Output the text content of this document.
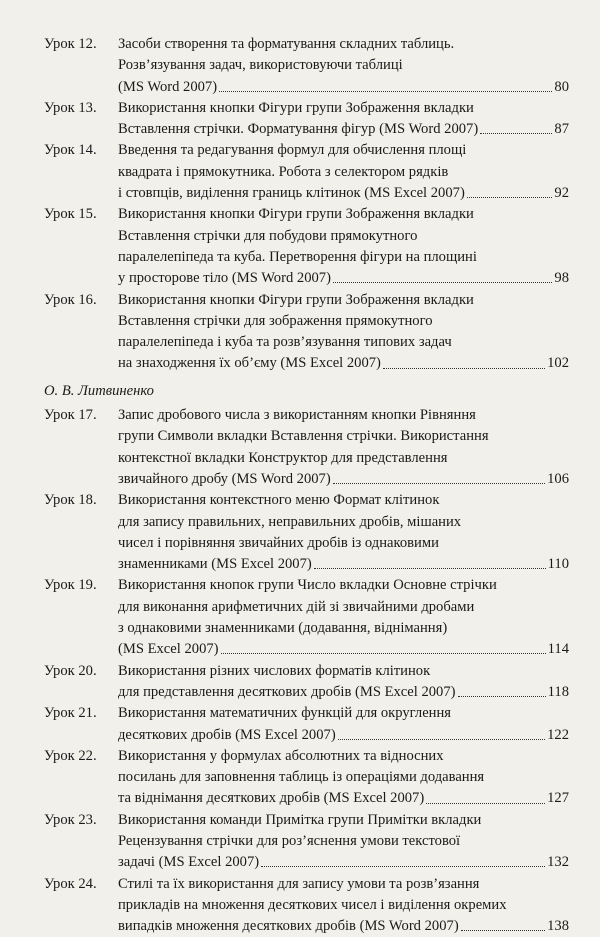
Урок 12.	Засоби створення та форматування складних таблиць.
Розв’язування задач, використовуючи таблиці
(MS Word 2007)	80
Урок 13.	Використання кнопки Фігури групи Зображення вкладки
Вставлення стрічки. Форматування фігур (MS Word 2007)	87
Урок 14.	Введення та редагування формул для обчислення площі
квадрата і прямокутника. Робота з селектором рядків
і стовпців, виділення границь клітинок (MS Excel 2007)	92
Урок 15.	Використання кнопки Фігури групи Зображення вкладки
Вставлення стрічки для побудови прямокутного
паралелепіпеда та куба. Перетворення фігури на площині
у просторове тіло (MS Word 2007)	98
Урок 16.	Використання кнопки Фігури групи Зображення вкладки
Вставлення стрічки для зображення прямокутного
паралелепіпеда і куба та розв’язування типових задач
на знаходження їх об’єму (MS Excel 2007)	102
О. В. Литвиненко
Урок 17.	Запис дробового числа з використанням кнопки Рівняння
групи Символи вкладки Вставлення стрічки. Використання
контекстної вкладки Конструктор для представлення
звичайного дробу (MS Word 2007)	106
Урок 18.	Використання контекстного меню Формат клітинок
для запису правильних, неправильних дробів, мішаних
чисел і порівняння звичайних дробів із однаковими
знаменниками (MS Excel 2007)	110
Урок 19.	Використання кнопок групи Число вкладки Основне стрічки
для виконання арифметичних дій зі звичайними дробами
з однаковими знаменниками (додавання, віднімання)
(MS Excel 2007)	114
Урок 20.	Використання різних числових форматів клітинок
для представлення десяткових дробів (MS Excel 2007)	118
Урок 21.	Використання математичних функцій для округлення
десяткових дробів (MS Excel 2007)	122
Урок 22.	Використання у формулах абсолютних та відносних
посилань для заповнення таблиць із операціями додавання
та віднімання десяткових дробів (MS Excel 2007)	127
Урок 23.	Використання команди Примітка групи Примітки вкладки
Рецензування стрічки для роз’яснення умови текстової
задачі (MS Excel 2007)	132
Урок 24.	Стилі та їх використання для запису умови та розв’язання
прикладів на множення десяткових чисел і виділення окремих
випадків множення десяткових дробів (MS Word 2007)	138
